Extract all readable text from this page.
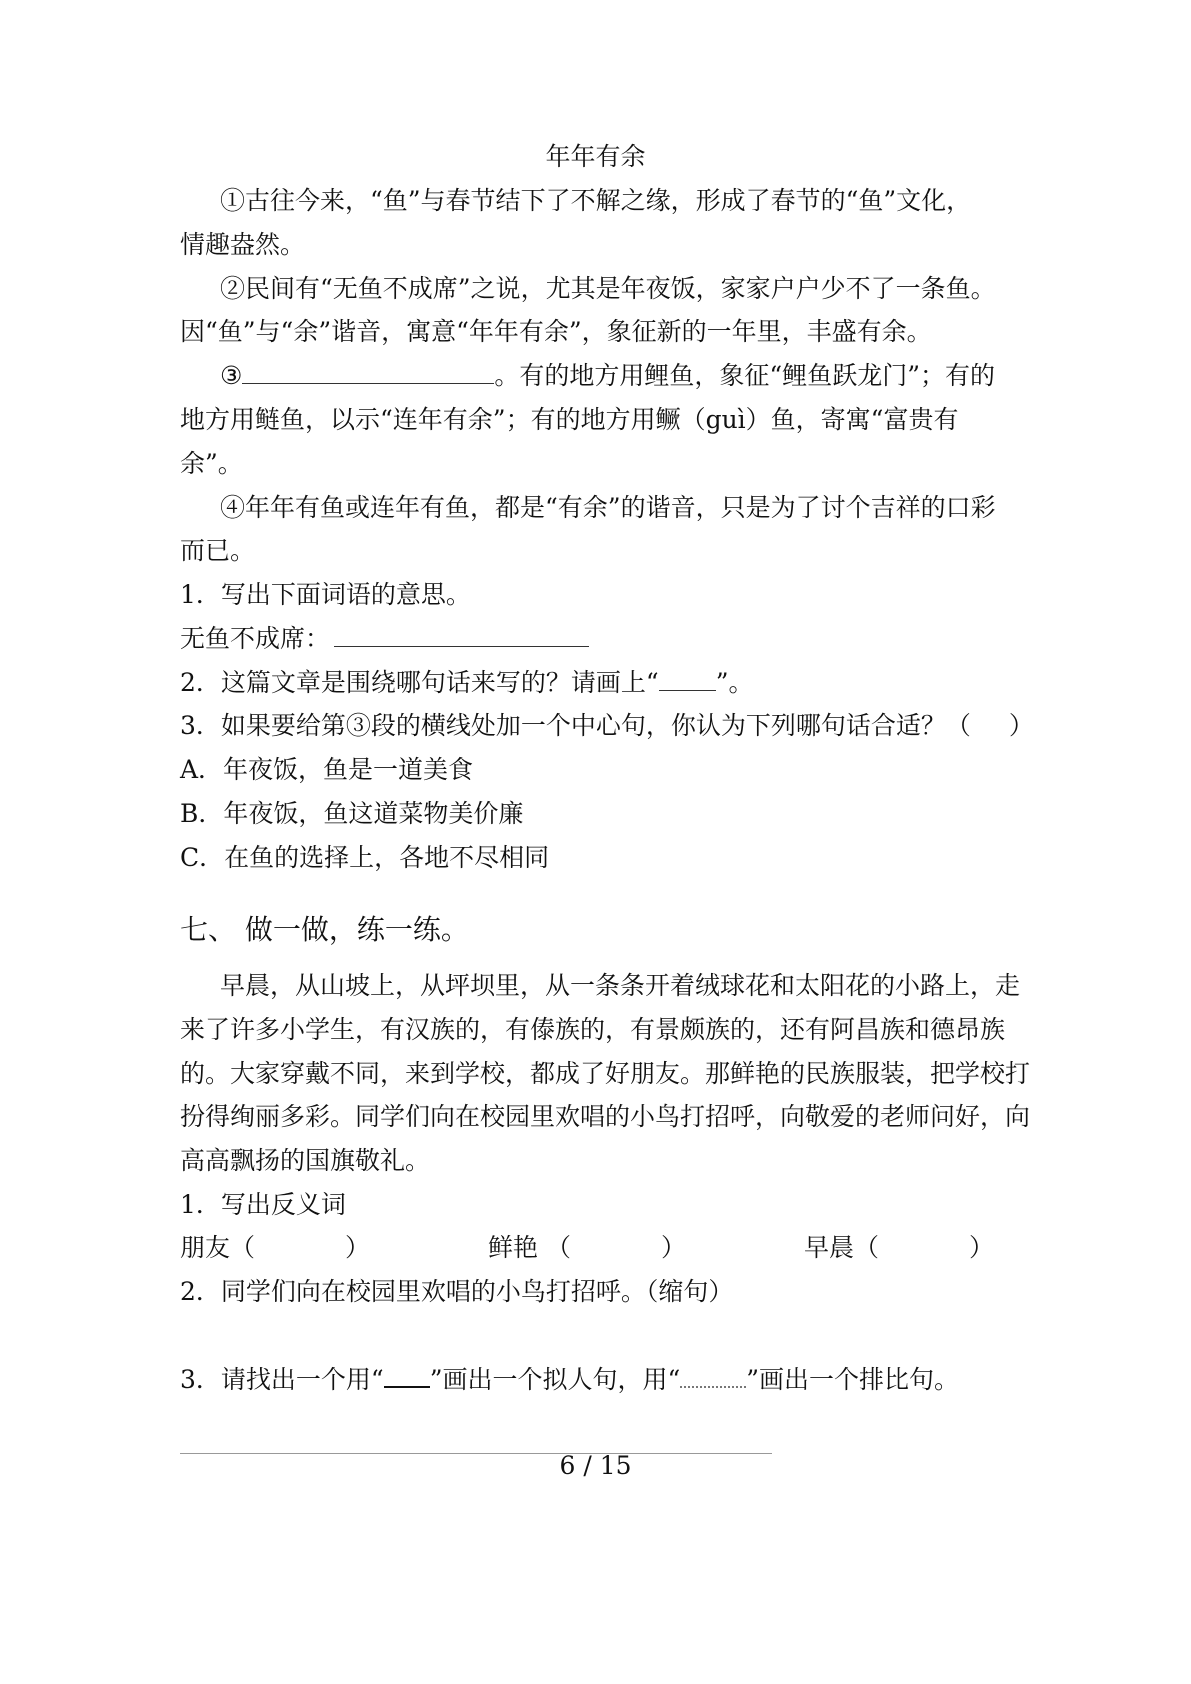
年年有余
①古往今来，“鱼”与春节结下了不解之缘，形成了春节的“鱼”文化，
情趣盎然。
②民间有“无鱼不成席”之说，尤其是年夜饭，家家户户少不了一条鱼。
因“鱼”与“余”谐音，寓意“年年有余”，象征新的一年里，丰盛有余。
③	。有的地方用鲤鱼，象征“鲤鱼跃龙门”；有的
地方用鲢鱼，以示“连年有余”；有的地方用鳜（guì）鱼，寄寓“富贵有
余”。
④年年有鱼或连年有鱼，都是“有余”的谐音，只是为了讨个吉祥的口彩
而已。
1．写出下面词语的意思。
无鱼不成席：
2．这篇文章是围绕哪句话来写的？请画上“ ”。
3．如果要给第③段的横线处加一个中心句，你认为下列哪句话合适？（ ）
A．年夜饭，鱼是一道美食
B．年夜饭，鱼这道菜物美价廉
C．在鱼的选择上，各地不尽相同
七、 做一做，练一练。
早晨，从山坡上，从坪坝里，从一条条开着绒球花和太阳花的小路上，走
来了许多小学生，有汉族的，有傣族的，有景颇族的，还有阿昌族和德昂族
的。大家穿戴不同，来到学校，都成了好朋友。那鲜艳的民族服装，把学校打
扮得绚丽多彩。同学们向在校园里欢唱的小鸟打招呼，向敬爱的老师问好，向
高高飘扬的国旗敬礼。
1．写出反义词
朋友（	）	鲜艳 （	）	早晨（	）
2．同学们向在校园里欢唱的小鸟打招呼。（缩句）
3．请找出一个用“ ”画出一个拟人句，用“	”画出一个排比句。
6 / 15
